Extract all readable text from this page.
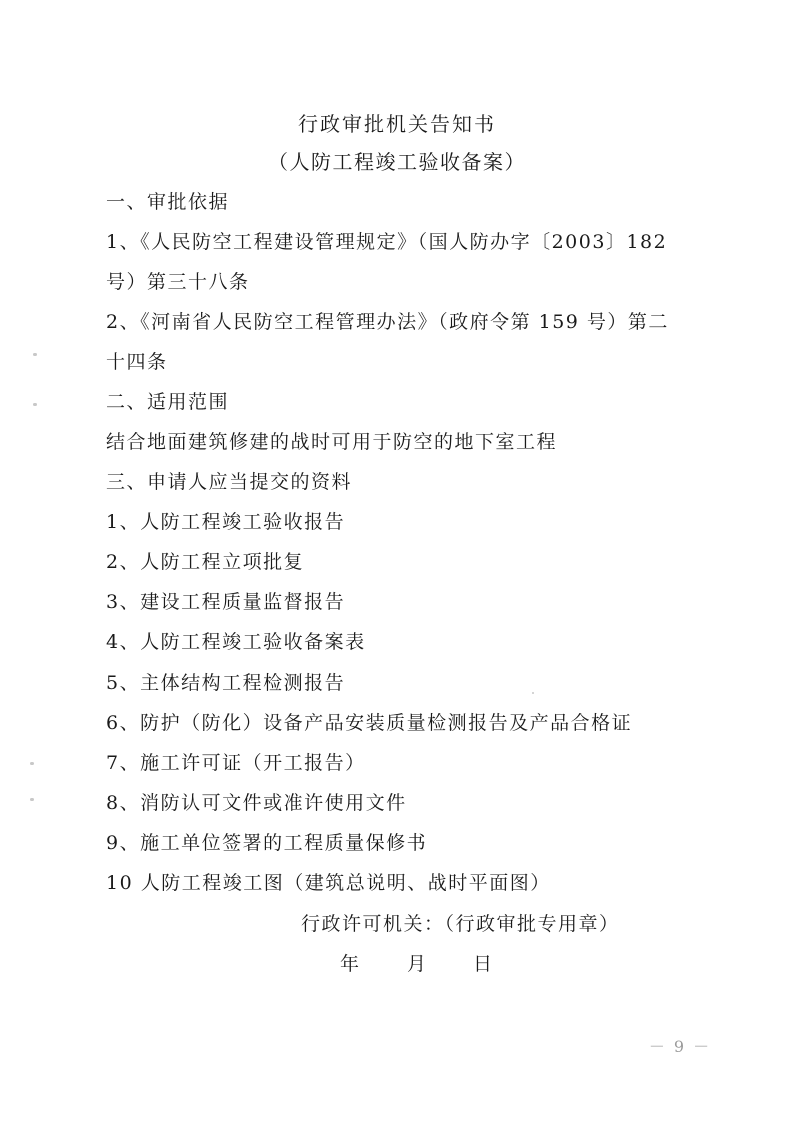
行政审批机关告知书
（人防工程竣工验收备案）
一、审批依据
1、《人民防空工程建设管理规定》（国人防办字〔2003〕182
号）第三十八条
2、《河南省人民防空工程管理办法》（政府令第 159 号）第二
十四条
二、适用范围
结合地面建筑修建的战时可用于防空的地下室工程
三、申请人应当提交的资料
1、人防工程竣工验收报告
2、人防工程立项批复
3、建设工程质量监督报告
4、人防工程竣工验收备案表
5、主体结构工程检测报告
6、防护（防化）设备产品安装质量检测报告及产品合格证
7、施工许可证（开工报告）
8、消防认可文件或准许使用文件
9、施工单位签署的工程质量保修书
10 人防工程竣工图（建筑总说明、战时平面图）
行政许可机关：（行政审批专用章）
年	月 日
－ 9 －
